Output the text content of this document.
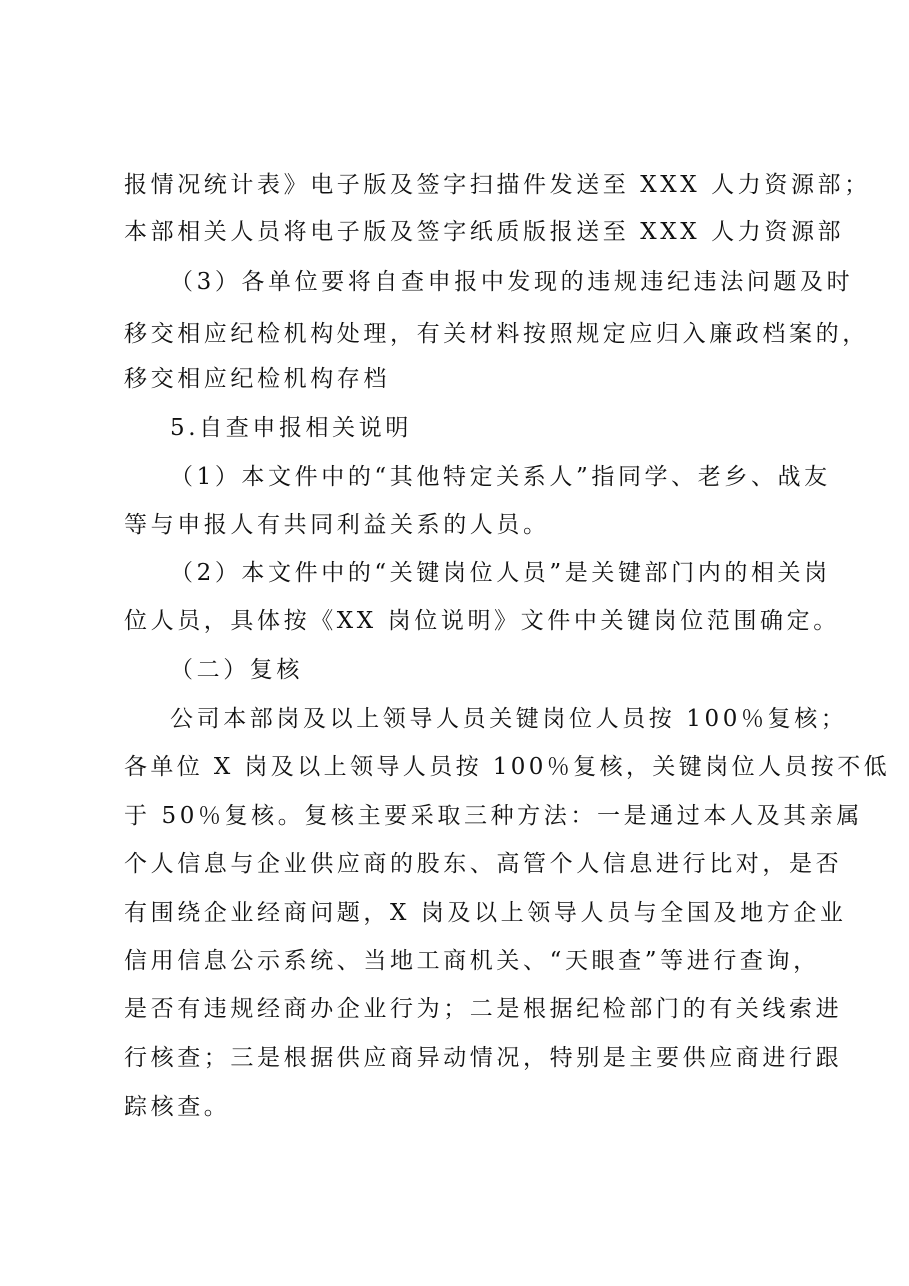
报情况统计表》电子版及签字扫描件发送至 XXX 人力资源部；
本部相关人员将电子版及签字纸质版报送至 XXX 人力资源部
（3）各单位要将自查申报中发现的违规违纪违法问题及时
移交相应纪检机构处理，有关材料按照规定应归入廉政档案的，
移交相应纪检机构存档
5.自查申报相关说明
（1）本文件中的“其他特定关系人”指同学、老乡、战友
等与申报人有共同利益关系的人员。
（2）本文件中的“关键岗位人员”是关键部门内的相关岗
位人员，具体按《XX 岗位说明》文件中关键岗位范围确定。
（二）复核
公司本部岗及以上领导人员关键岗位人员按 100％复核；
各单位 X 岗及以上领导人员按 100％复核，关键岗位人员按不低
于 50％复核。复核主要采取三种方法：一是通过本人及其亲属
个人信息与企业供应商的股东、高管个人信息进行比对，是否
有围绕企业经商问题，X 岗及以上领导人员与全国及地方企业
信用信息公示系统、当地工商机关、“天眼查”等进行查询，
是否有违规经商办企业行为；二是根据纪检部门的有关线索进
行核查；三是根据供应商异动情况，特别是主要供应商进行跟
踪核查。
